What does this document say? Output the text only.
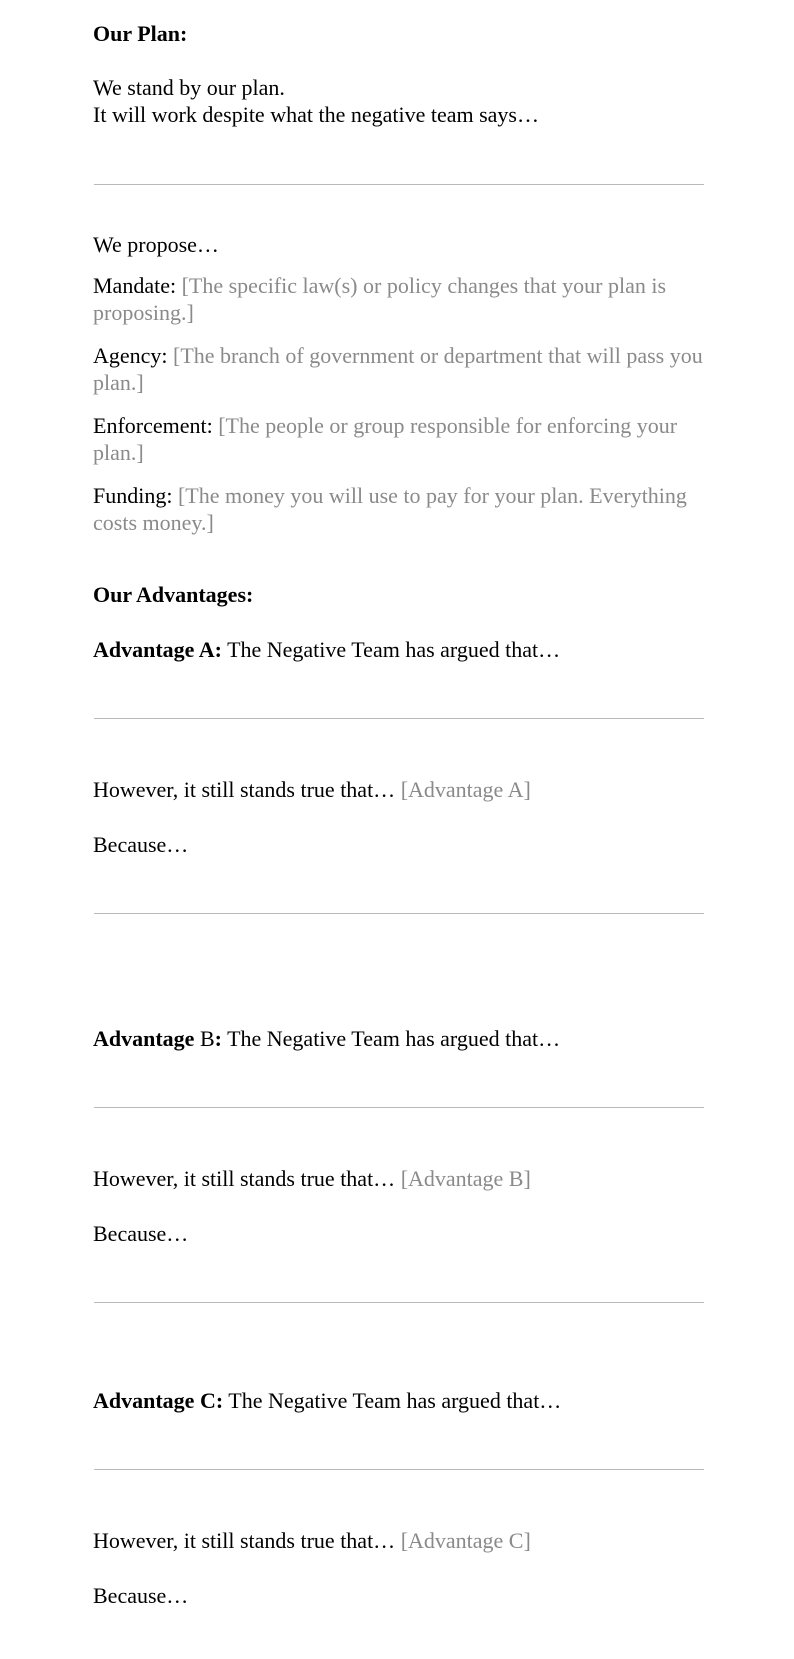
Our Plan:

We stand by our plan.
It will work despite what the negative team says…

We propose…

Mandate: [The specific law(s) or policy changes that your plan is proposing.]

Agency: [The branch of government or department that will pass you plan.]

Enforcement: [The people or group responsible for enforcing your plan.]

Funding: [The money you will use to pay for your plan. Everything costs money.]

Our Advantages:

Advantage A: The Negative Team has argued that…

However, it still stands true that… [Advantage A]

Because…

Advantage B: The Negative Team has argued that…

However, it still stands true that… [Advantage B]

Because…

Advantage C: The Negative Team has argued that…

However, it still stands true that… [Advantage C]

Because…
